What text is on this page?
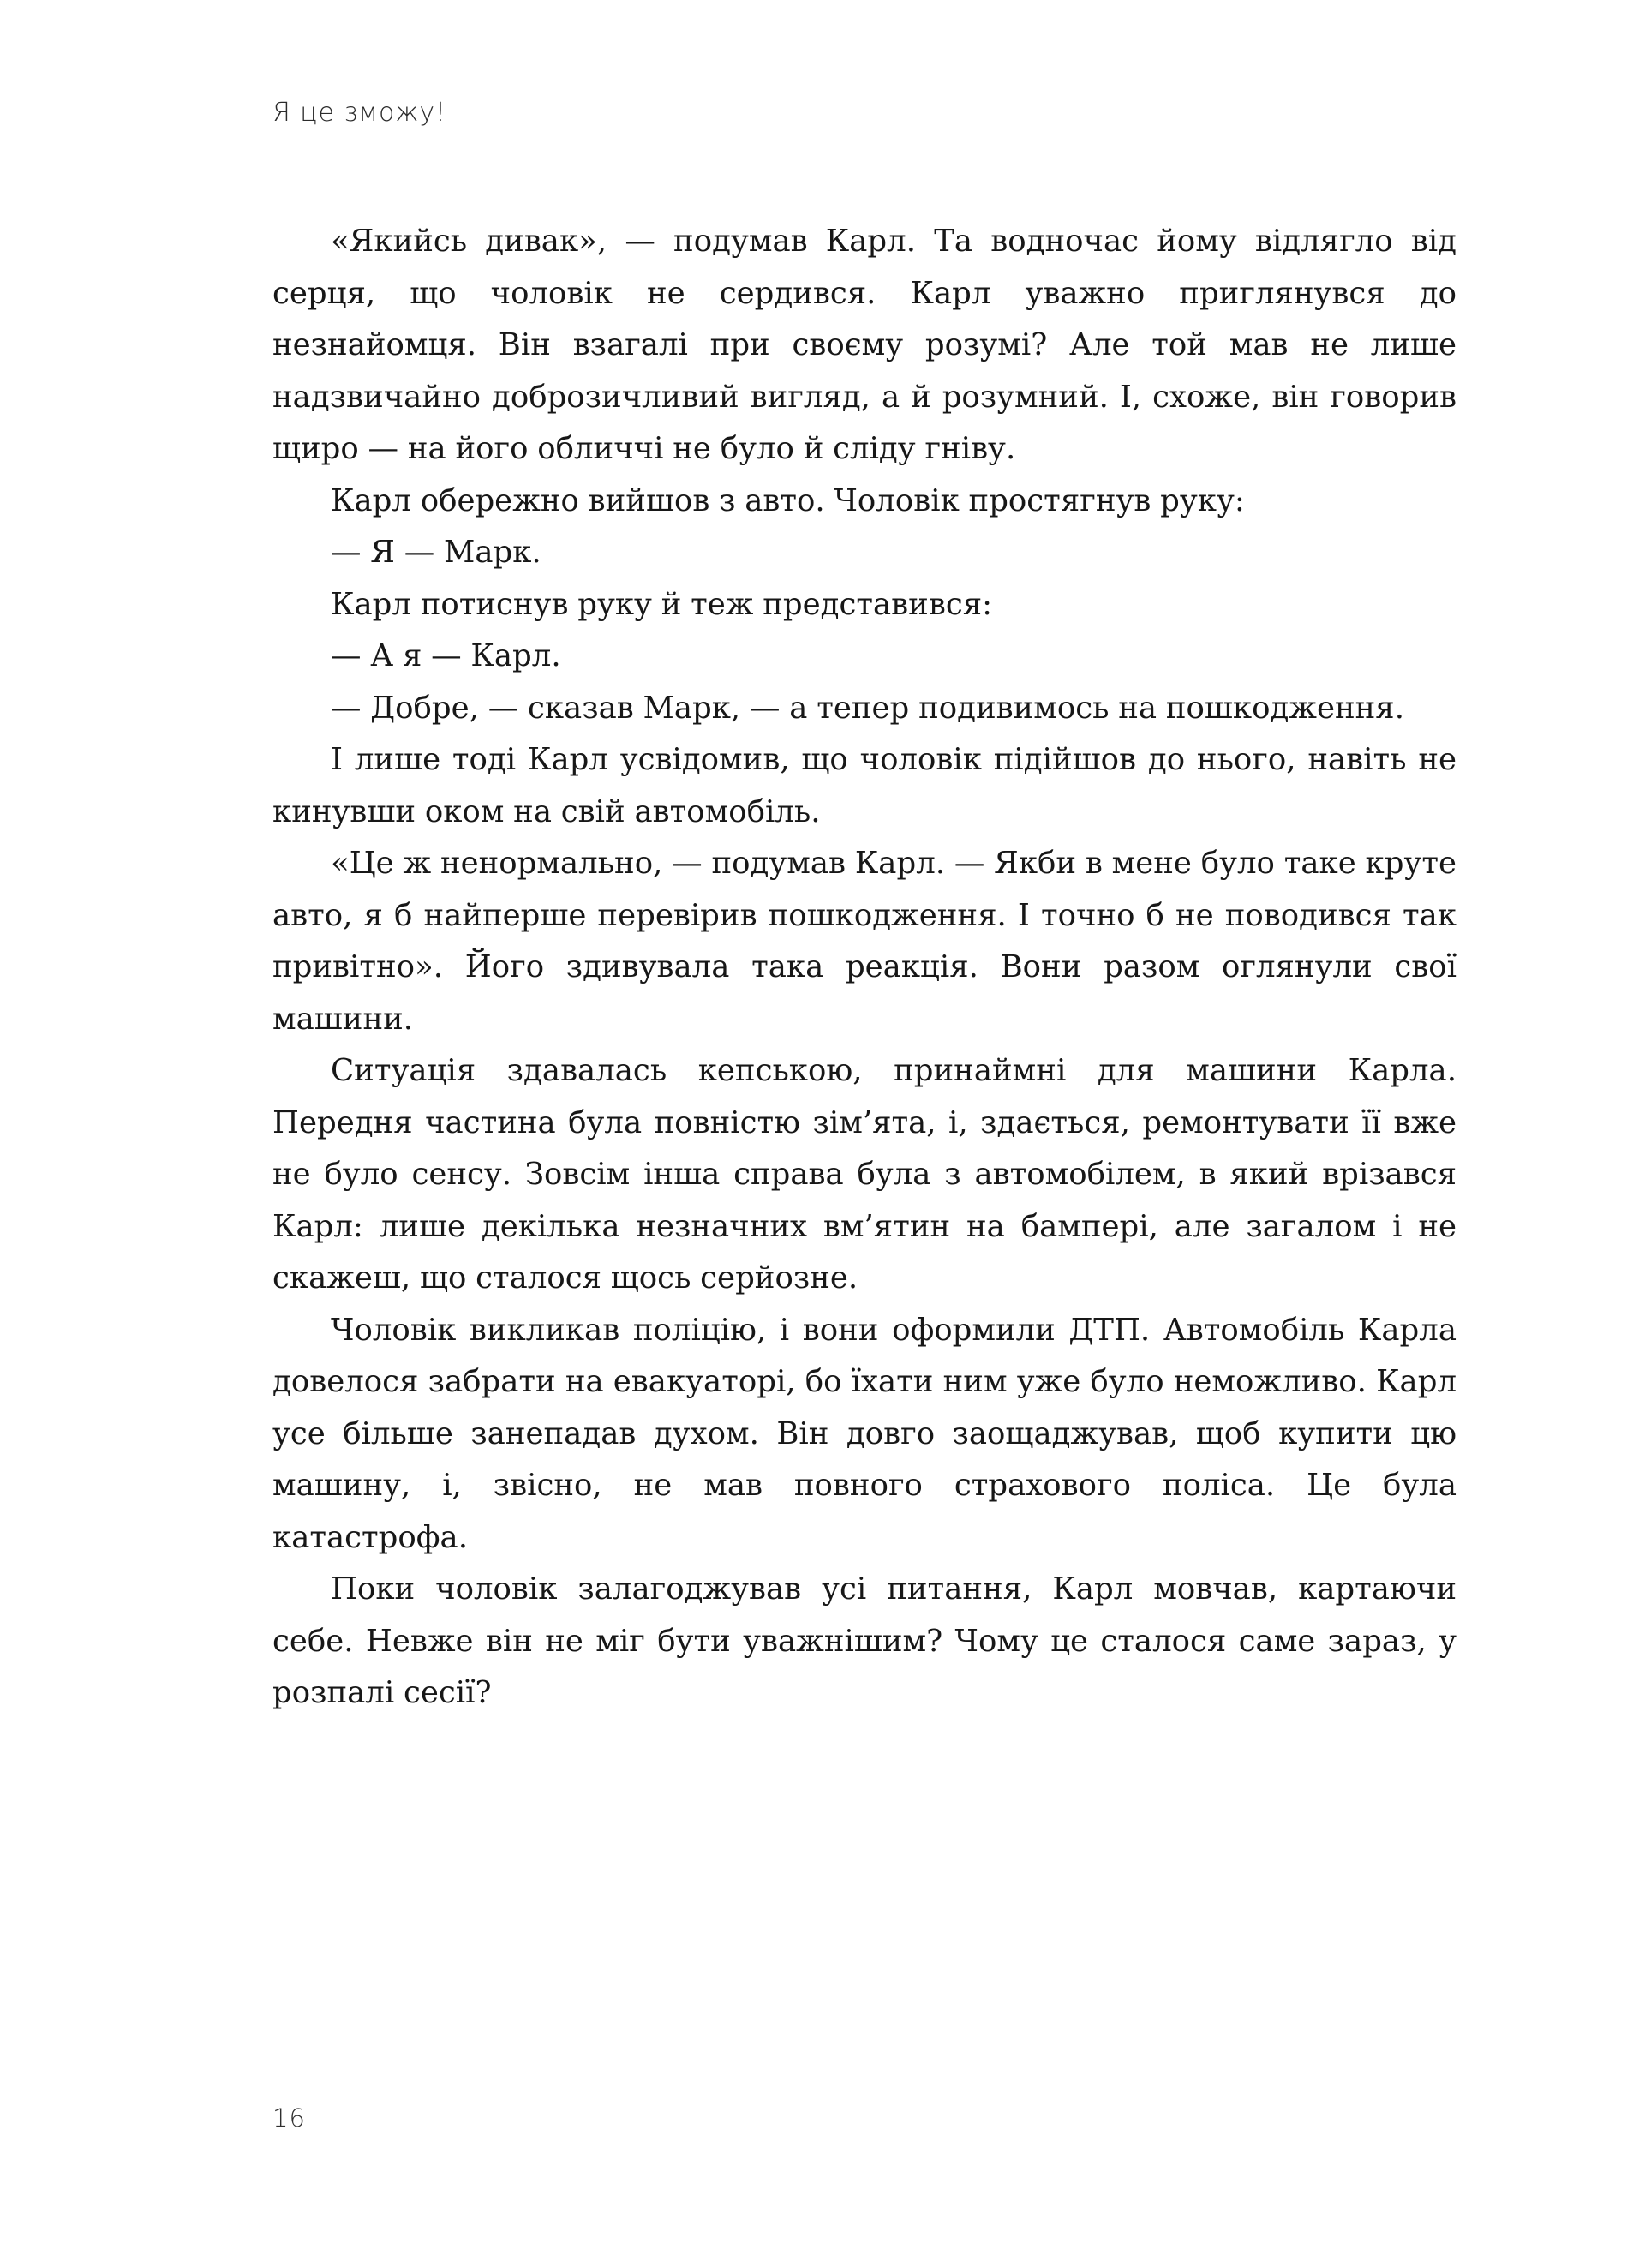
Я це зможу!

«Якийсь дивак», — подумав Карл. Та водночас йому відлягло від серця, що чоловік не сердився. Карл уважно приглянувся до незнайомця. Він взагалі при своєму розумі? Але той мав не лише надзвичайно доброзичливий вигляд, а й розумний. І, схоже, він говорив щиро — на його обличчі не було й сліду гніву.

Карл обережно вийшов з авто. Чоловік простягнув руку:

— Я — Марк.

Карл потиснув руку й теж представився:

— А я — Карл.

— Добре, — сказав Марк, — а тепер подивимось на пошкодження.

І лише тоді Карл усвідомив, що чоловік підійшов до нього, навіть не кинувши оком на свій автомобіль.

«Це ж ненормально, — подумав Карл. — Якби в мене було таке круте авто, я б найперше перевірив пошкодження. І точно б не поводився так привітно». Його здивувала така реакція. Вони разом оглянули свої машини.

Ситуація здавалась кепською, принаймні для машини Карла. Передня частина була повністю зім’ята, і, здається, ремонтувати її вже не було сенсу. Зовсім інша справа була з автомобілем, в який врізався Карл: лише декілька незначних вм’ятин на бампері, але загалом і не скажеш, що сталося щось серйозне.

Чоловік викликав поліцію, і вони оформили ДТП. Автомобіль Карла довелося забрати на евакуаторі, бо їхати ним уже було неможливо. Карл усе більше занепадав духом. Він довго заощаджував, щоб купити цю машину, і, звісно, не мав повного страхового поліса. Це була катастрофа.

Поки чоловік залагоджував усі питання, Карл мовчав, картаючи себе. Невже він не міг бути уважнішим? Чому це сталося саме зараз, у розпалі сесії?

16
